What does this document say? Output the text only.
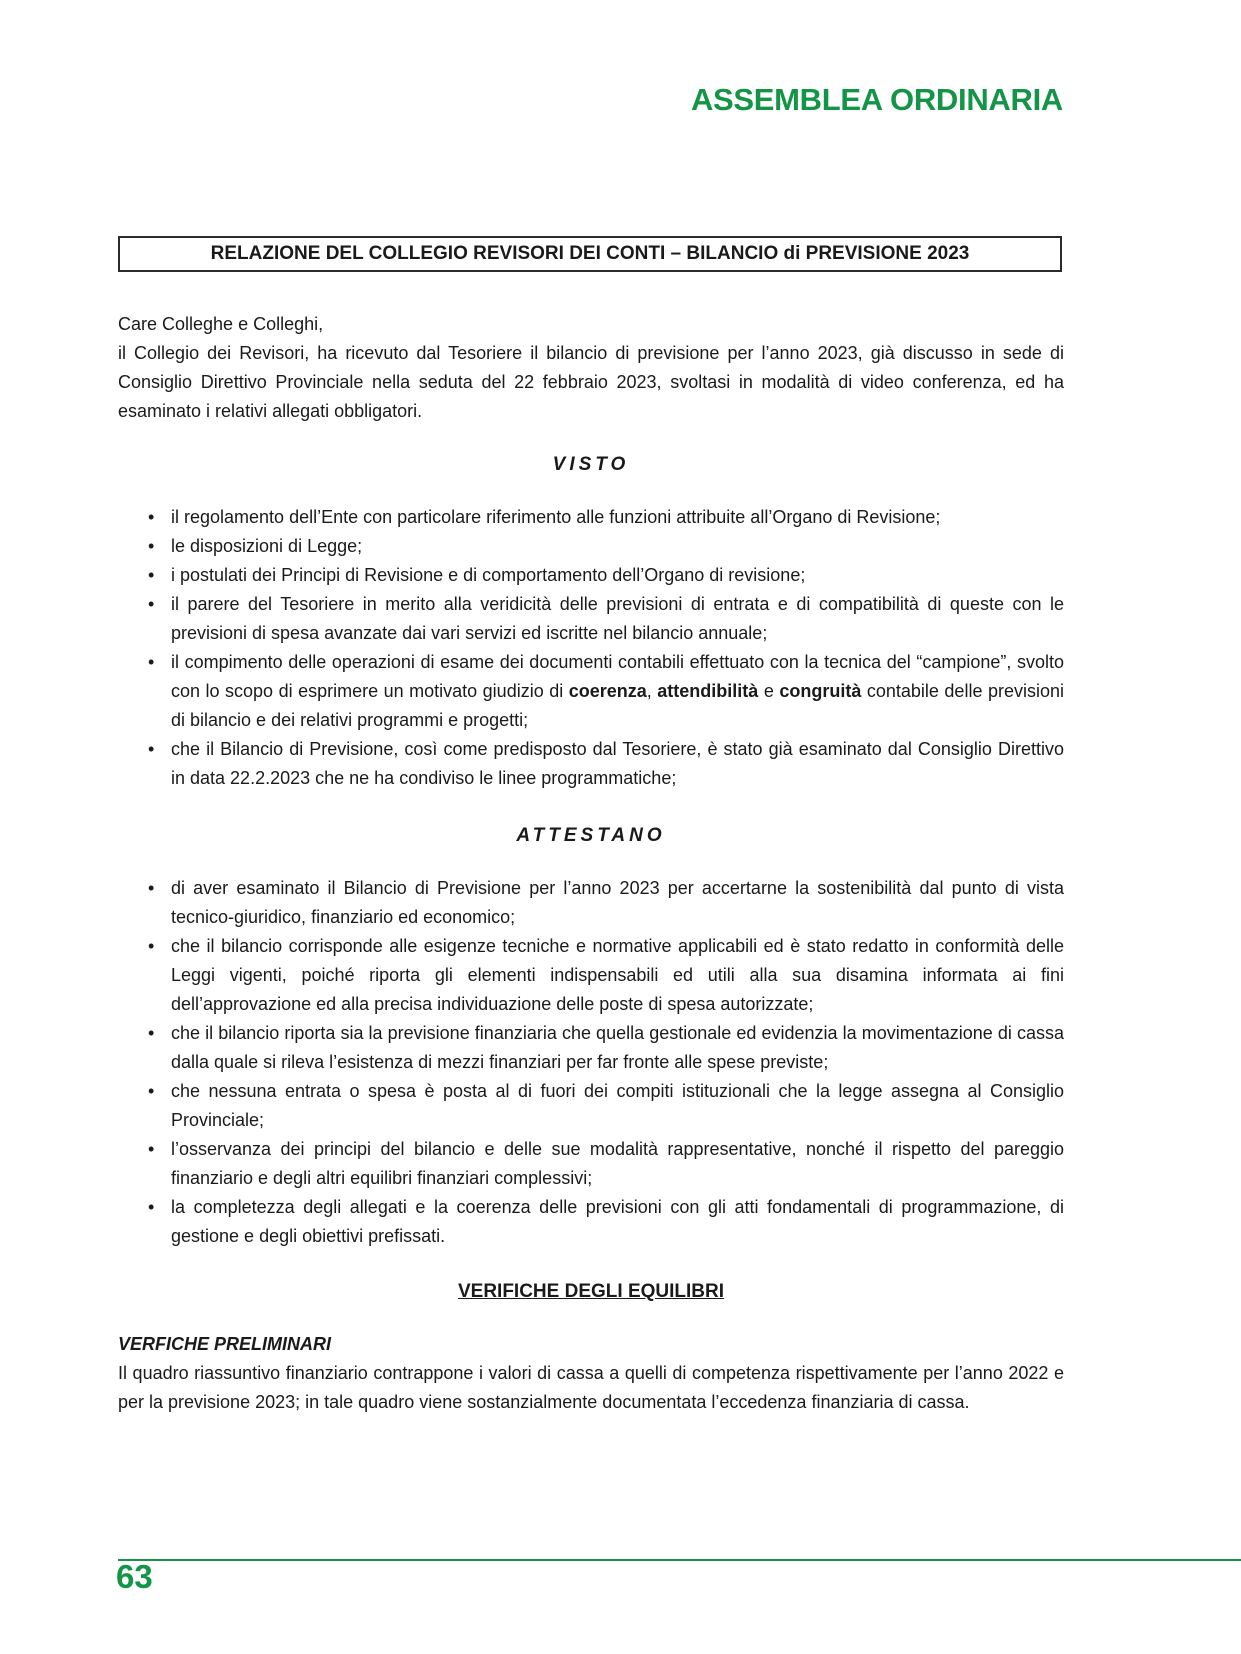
ASSEMBLEA ORDINARIA
RELAZIONE DEL COLLEGIO REVISORI DEI CONTI – BILANCIO di PREVISIONE 2023

Care Colleghe e Colleghi,

il Collegio dei Revisori, ha ricevuto dal Tesoriere il bilancio di previsione per l’anno 2023, già discusso in sede di Consiglio Direttivo Provinciale nella seduta del 22 febbraio 2023, svoltasi in modalità di video conferenza, ed ha esaminato i relativi allegati obbligatori.

VISTO
• il regolamento dell’Ente con particolare riferimento alle funzioni attribuite all’Organo di Revisione;
• le disposizioni di Legge;
• i postulati dei Principi di Revisione e di comportamento dell’Organo di revisione;
• il parere del Tesoriere in merito alla veridicità delle previsioni di entrata e di compatibilità di queste con le previsioni di spesa avanzate dai vari servizi ed iscritte nel bilancio annuale;
• il compimento delle operazioni di esame dei documenti contabili effettuato con la tecnica del “campione”, svolto con lo scopo di esprimere un motivato giudizio di coerenza, attendibilità e congruità contabile delle previsioni di bilancio e dei relativi programmi e progetti;
• che il Bilancio di Previsione, così come predisposto dal Tesoriere, è stato già esaminato dal Consiglio Direttivo in data 22.2.2023 che ne ha condiviso le linee programmatiche;
ATTESTANO
• di aver esaminato il Bilancio di Previsione per l’anno 2023 per accertarne la sostenibilità dal punto di vista tecnico-giuridico, finanziario ed economico;
• che il bilancio corrisponde alle esigenze tecniche e normative applicabili ed è stato redatto in conformità delle Leggi vigenti, poiché riporta gli elementi indispensabili ed utili alla sua disamina informata ai fini dell’approvazione ed alla precisa individuazione delle poste di spesa autorizzate;
• che il bilancio riporta sia la previsione finanziaria che quella gestionale ed evidenzia la movimentazione di cassa dalla quale si rileva l’esistenza di mezzi finanziari per far fronte alle spese previste;
• che nessuna entrata o spesa è posta al di fuori dei compiti istituzionali che la legge assegna al Consiglio Provinciale;
• l’osservanza dei principi del bilancio e delle sue modalità rappresentative, nonché il rispetto del pareggio finanziario e degli altri equilibri finanziari complessivi;
• la completezza degli allegati e la coerenza delle previsioni con gli atti fondamentali di programmazione, di gestione e degli obiettivi prefissati.
VERIFICHE DEGLI EQUILIBRI

VERFICHE PRELIMINARI

Il quadro riassuntivo finanziario contrappone i valori di cassa a quelli di competenza rispettivamente per l’anno 2022 e per la previsione 2023; in tale quadro viene sostanzialmente documentata l’eccedenza finanziaria di cassa.

63
